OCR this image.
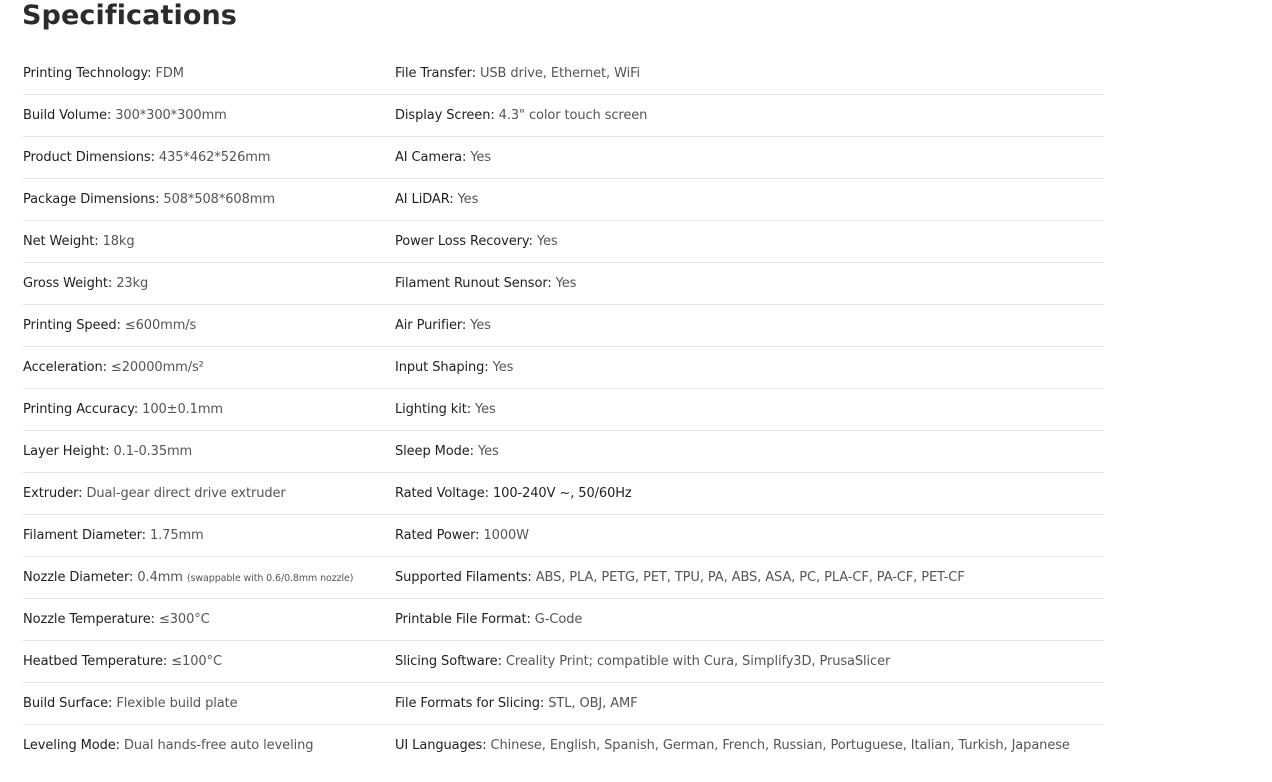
Specifications
Printing Technology: FDM	File Transfer: USB drive, Ethernet, WiFi
Build Volume: 300*300*300mm	Display Screen: 4.3" color touch screen
Product Dimensions: 435*462*526mm	AI Camera: Yes
Package Dimensions: 508*508*608mm	AI LiDAR: Yes
Net Weight: 18kg	Power Loss Recovery: Yes
Gross Weight: 23kg	Filament Runout Sensor: Yes
Printing Speed: ≤600mm/s	Air Purifier: Yes
Acceleration: ≤20000mm/s²	Input Shaping: Yes
Printing Accuracy: 100±0.1mm	Lighting kit: Yes
Layer Height: 0.1-0.35mm	Sleep Mode: Yes
Extruder: Dual-gear direct drive extruder	Rated Voltage: 100-240V ~, 50/60Hz
Filament Diameter: 1.75mm	Rated Power: 1000W
Nozzle Diameter: 0.4mm (swappable with 0.6/0.8mm nozzle)	Supported Filaments: ABS, PLA, PETG, PET, TPU, PA, ABS, ASA, PC, PLA-CF, PA-CF, PET-CF
Nozzle Temperature: ≤300°C	Printable File Format: G-Code
Heatbed Temperature: ≤100°C	Slicing Software: Creality Print; compatible with Cura, Simplify3D, PrusaSlicer
Build Surface: Flexible build plate	File Formats for Slicing: STL, OBJ, AMF
Leveling Mode: Dual hands-free auto leveling	UI Languages: Chinese, English, Spanish, German, French, Russian, Portuguese, Italian, Turkish, Japanese
